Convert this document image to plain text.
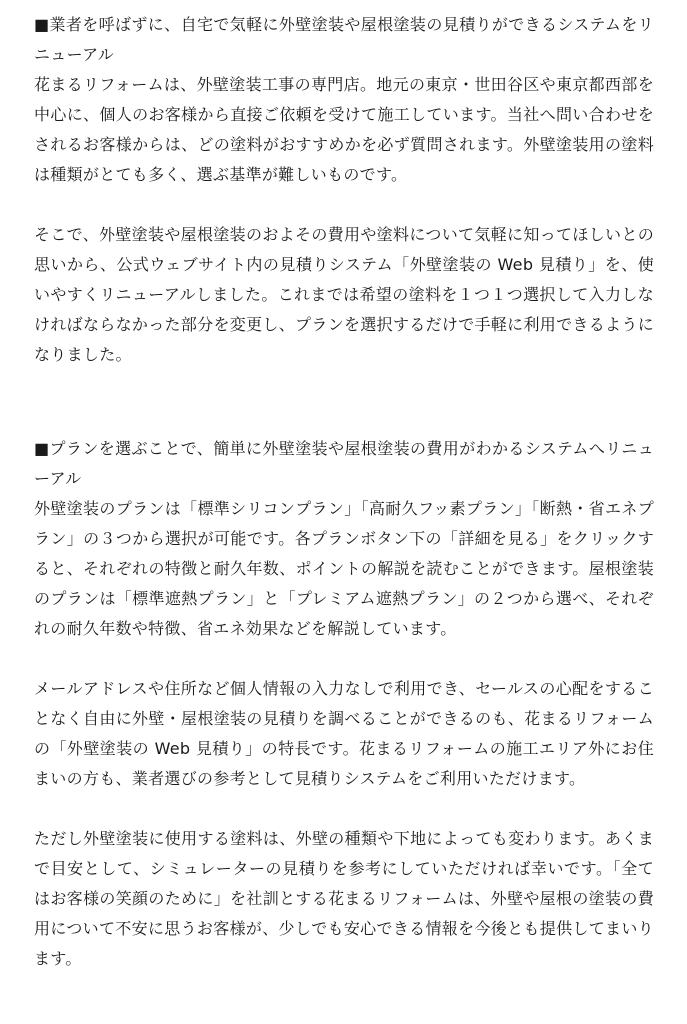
■業者を呼ばずに、自宅で気軽に外壁塗装や屋根塗装の見積りができるシステムをリニューアル

花まるリフォームは、外壁塗装工事の専門店。地元の東京・世田谷区や東京都西部を中心に、個人のお客様から直接ご依頼を受けて施工しています。当社へ問い合わせをされるお客様からは、どの塗料がおすすめかを必ず質問されます。外壁塗装用の塗料は種類がとても多く、選ぶ基準が難しいものです。

そこで、外壁塗装や屋根塗装のおよその費用や塗料について気軽に知ってほしいとの思いから、公式ウェブサイト内の見積りシステム「外壁塗装の Web 見積り」を、使いやすくリニューアルしました。これまでは希望の塗料を１つ１つ選択して入力しなければならなかった部分を変更し、プランを選択するだけで手軽に利用できるようになりました。

■プランを選ぶことで、簡単に外壁塗装や屋根塗装の費用がわかるシステムへリニューアル

外壁塗装のプランは「標準シリコンプラン」「高耐久フッ素プラン」「断熱・省エネプラン」の３つから選択が可能です。各プランボタン下の「詳細を見る」をクリックすると、それぞれの特徴と耐久年数、ポイントの解説を読むことができます。屋根塗装のプランは「標準遮熱プラン」と「プレミアム遮熱プラン」の２つから選べ、それぞれの耐久年数や特徴、省エネ効果などを解説しています。

メールアドレスや住所など個人情報の入力なしで利用でき、セールスの心配をすることなく自由に外壁・屋根塗装の見積りを調べることができるのも、花まるリフォームの「外壁塗装の Web 見積り」の特長です。花まるリフォームの施工エリア外にお住まいの方も、業者選びの参考として見積りシステムをご利用いただけます。

ただし外壁塗装に使用する塗料は、外壁の種類や下地によっても変わります。あくまで目安として、シミュレーターの見積りを参考にしていただければ幸いです。「全てはお客様の笑顔のために」を社訓とする花まるリフォームは、外壁や屋根の塗装の費用について不安に思うお客様が、少しでも安心できる情報を今後とも提供してまいります。
